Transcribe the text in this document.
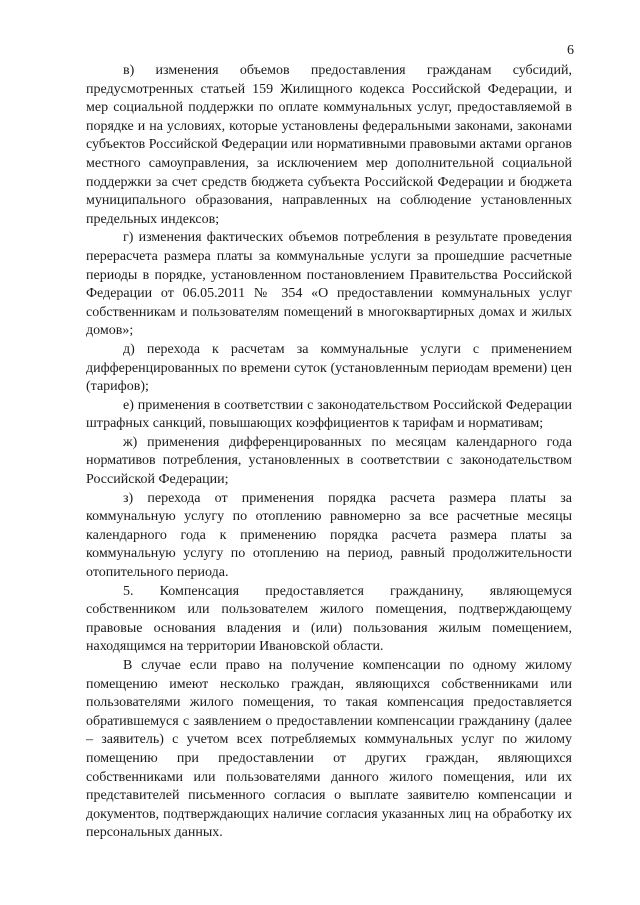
6

в) изменения объемов предоставления гражданам субсидий, предусмотренных статьей 159 Жилищного кодекса Российской Федерации, и мер социальной поддержки по оплате коммунальных услуг, предоставляемой в порядке и на условиях, которые установлены федеральными законами, законами субъектов Российской Федерации или нормативными правовыми актами органов местного самоуправления, за исключением мер дополнительной социальной поддержки за счет средств бюджета субъекта Российской Федерации и бюджета муниципального образования, направленных на соблюдение установленных предельных индексов;

г) изменения фактических объемов потребления в результате проведения перерасчета размера платы за коммунальные услуги за прошедшие расчетные периоды в порядке, установленном постановлением Правительства Российской Федерации от 06.05.2011 № 354 «О предоставлении коммунальных услуг собственникам и пользователям помещений в многоквартирных домах и жилых домов»;

д) перехода к расчетам за коммунальные услуги с применением дифференцированных по времени суток (установленным периодам времени) цен (тарифов);

е) применения в соответствии с законодательством Российской Федерации штрафных санкций, повышающих коэффициентов к тарифам и нормативам;

ж) применения дифференцированных по месяцам календарного года нормативов потребления, установленных в соответствии с законодательством Российской Федерации;

з) перехода от применения порядка расчета размера платы за коммунальную услугу по отоплению равномерно за все расчетные месяцы календарного года к применению порядка расчета размера платы за коммунальную услугу по отоплению на период, равный продолжительности отопительного периода.

5. Компенсация предоставляется гражданину, являющемуся собственником или пользователем жилого помещения, подтверждающему правовые основания владения и (или) пользования жилым помещением, находящимся на территории Ивановской области.

В случае если право на получение компенсации по одному жилому помещению имеют несколько граждан, являющихся собственниками или пользователями жилого помещения, то такая компенсация предоставляется обратившемуся с заявлением о предоставлении компенсации гражданину (далее – заявитель) с учетом всех потребляемых коммунальных услуг по жилому помещению при предоставлении от других граждан, являющихся собственниками или пользователями данного жилого помещения, или их представителей письменного согласия о выплате заявителю компенсации и документов, подтверждающих наличие согласия указанных лиц на обработку их персональных данных.
